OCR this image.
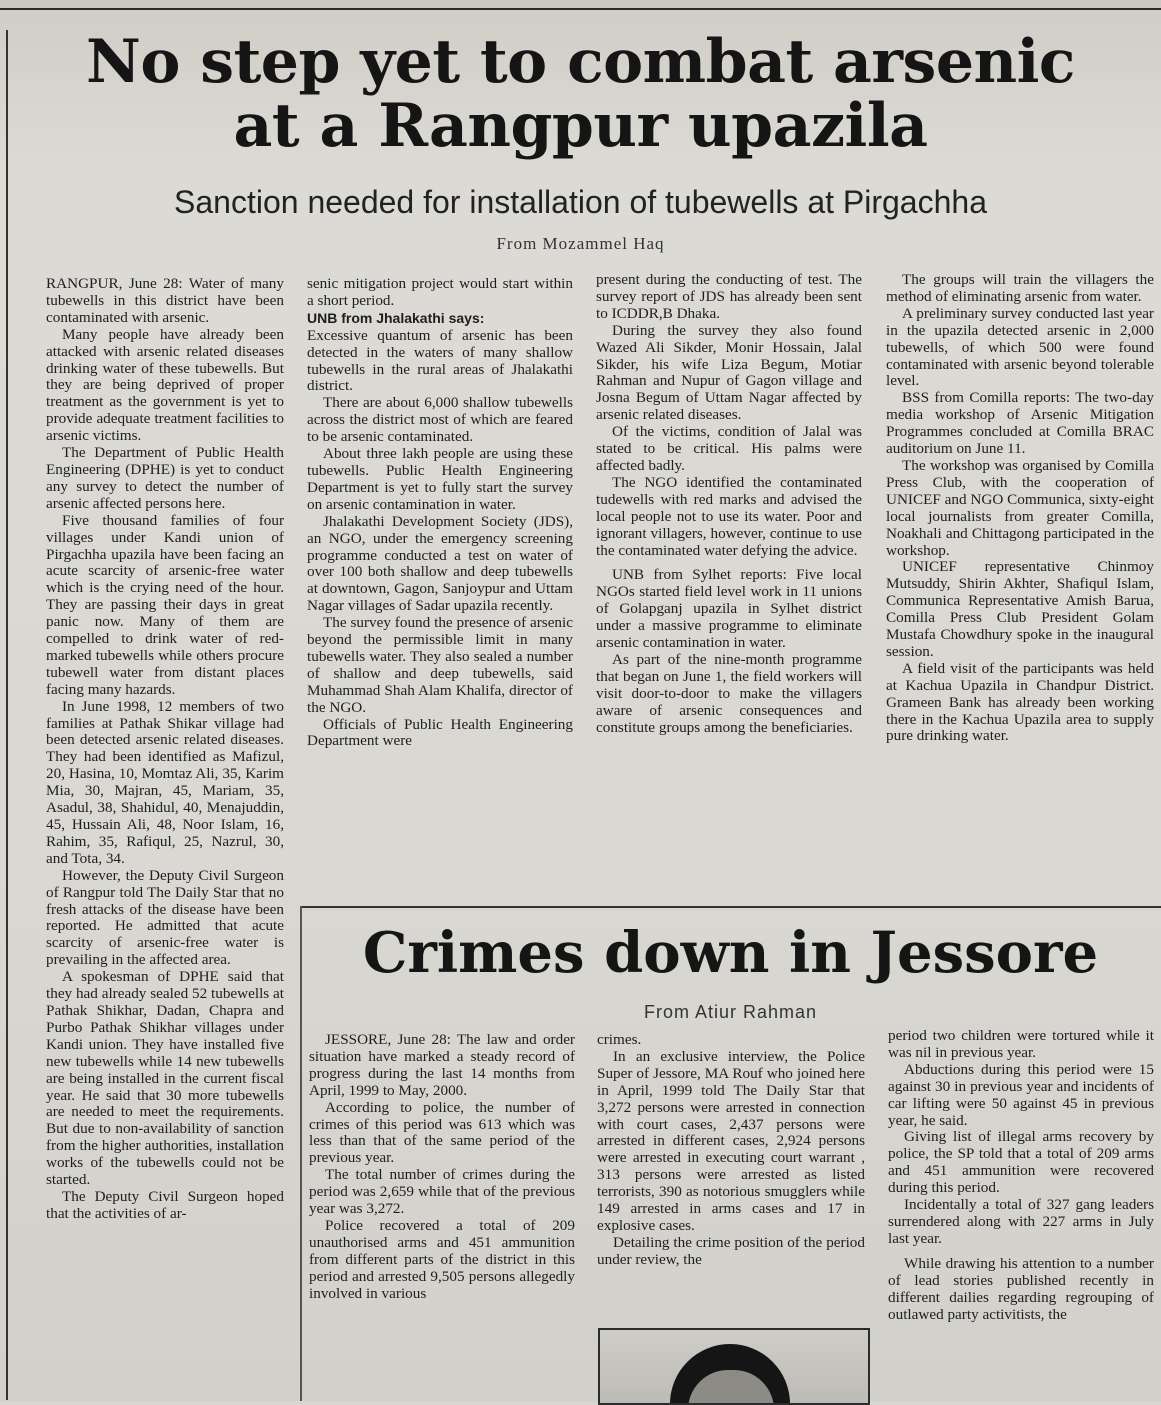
No step yet to combat arsenic
at a Rangpur upazila
Sanction needed for installation of tubewells at Pirgachha
From Mozammel Haq

RANGPUR, June 28: Water of many tubewells in this district have been contaminated with arsenic.

Many people have already been attacked with arsenic related diseases drinking water of these tubewells. But they are being deprived of proper treatment as the government is yet to provide adequate treatment facilities to arsenic victims.

The Department of Public Health Engineering (DPHE) is yet to conduct any survey to detect the number of arsenic affected persons here.

Five thousand families of four villages under Kandi union of Pirgachha upazila have been facing an acute scarcity of arsenic-free water which is the crying need of the hour. They are passing their days in great panic now. Many of them are compelled to drink water of red-marked tubewells while others procure tubewell water from distant places facing many hazards.

In June 1998, 12 members of two families at Pathak Shikar village had been detected arsenic related diseases. They had been identified as Mafizul, 20, Hasina, 10, Momtaz Ali, 35, Karim Mia, 30, Majran, 45, Mariam, 35, Asadul, 38, Shahidul, 40, Menajuddin, 45, Hussain Ali, 48, Noor Islam, 16, Rahim, 35, Rafiqul, 25, Nazrul, 30, and Tota, 34.

However, the Deputy Civil Surgeon of Rangpur told The Daily Star that no fresh attacks of the disease have been reported. He admitted that acute scarcity of arsenic-free water is prevailing in the affected area.

A spokesman of DPHE said that they had already sealed 52 tubewells at Pathak Shikhar, Dadan, Chapra and Purbo Pathak Shikhar villages under Kandi union. They have installed five new tubewells while 14 new tubewells are being installed in the current fiscal year. He said that 30 more tubewells are needed to meet the requirements. But due to non-availability of sanction from the higher authorities, installation works of the tubewells could not be started.

The Deputy Civil Surgeon hoped that the activities of ar-

senic mitigation project would start within a short period.

UNB from Jhalakathi says:

Excessive quantum of arsenic has been detected in the waters of many shallow tubewells in the rural areas of Jhalakathi district.

There are about 6,000 shallow tubewells across the district most of which are feared to be arsenic contaminated.

About three lakh people are using these tubewells. Public Health Engineering Department is yet to fully start the survey on arsenic contamination in water.

Jhalakathi Development Society (JDS), an NGO, under the emergency screening programme conducted a test on water of over 100 both shallow and deep tubewells at downtown, Gagon, Sanjoypur and Uttam Nagar villages of Sadar upazila recently.

The survey found the presence of arsenic beyond the permissible limit in many tubewells water. They also sealed a number of shallow and deep tubewells, said Muhammad Shah Alam Khalifa, director of the NGO.

Officials of Public Health Engineering Department were

present during the conducting of test. The survey report of JDS has already been sent to ICDDR,B Dhaka.

During the survey they also found Wazed Ali Sikder, Monir Hossain, Jalal Sikder, his wife Liza Begum, Motiar Rahman and Nupur of Gagon village and Josna Begum of Uttam Nagar affected by arsenic related diseases.

Of the victims, condition of Jalal was stated to be critical. His palms were affected badly.

The NGO identified the contaminated tudewells with red marks and advised the local people not to use its water. Poor and ignorant villagers, however, continue to use the contaminated water defying the advice.

UNB from Sylhet reports: Five local NGOs started field level work in 11 unions of Golapganj upazila in Sylhet district under a massive programme to eliminate arsenic contamination in water.

As part of the nine-month programme that began on June 1, the field workers will visit door-to-door to make the villagers aware of arsenic consequences and constitute groups among the beneficiaries.

The groups will train the villagers the method of eliminating arsenic from water.

A preliminary survey conducted last year in the upazila detected arsenic in 2,000 tubewells, of which 500 were found contaminated with arsenic beyond tolerable level.

BSS from Comilla reports: The two-day media workshop of Arsenic Mitigation Programmes concluded at Comilla BRAC auditorium on June 11.

The workshop was organised by Comilla Press Club, with the cooperation of UNICEF and NGO Communica, sixty-eight local journalists from greater Comilla, Noakhali and Chittagong participated in the workshop.

UNICEF representative Chinmoy Mutsuddy, Shirin Akhter, Shafiqul Islam, Communica Representative Amish Barua, Comilla Press Club President Golam Mustafa Chowdhury spoke in the inaugural session.

A field visit of the participants was held at Kachua Upazila in Chandpur District. Grameen Bank has already been working there in the Kachua Upazila area to supply pure drinking water.

Crimes down in Jessore
From Atiur Rahman

JESSORE, June 28: The law and order situation have marked a steady record of progress during the last 14 months from April, 1999 to May, 2000.

According to police, the number of crimes of this period was 613 which was less than that of the same period of the previous year.

The total number of crimes during the period was 2,659 while that of the previous year was 3,272.

Police recovered a total of 209 unauthorised arms and 451 ammunition from different parts of the district in this period and arrested 9,505 persons allegedly involved in various

crimes.

In an exclusive interview, the Police Super of Jessore, MA Rouf who joined here in April, 1999 told The Daily Star that 3,272 persons were arrested in connection with court cases, 2,437 persons were arrested in different cases, 2,924 persons were arrested in executing court warrant , 313 persons were arrested as listed terrorists, 390 as notorious smugglers while 149 arrested in arms cases and 17 in explosive cases.

Detailing the crime position of the period under review, the

period two children were tortured while it was nil in previous year.

Abductions during this period were 15 against 30 in previous year and incidents of car lifting were 50 against 45 in previous year, he said.

Giving list of illegal arms recovery by police, the SP told that a total of 209 arms and 451 ammunition were recovered during this period.

Incidentally a total of 327 gang leaders surrendered along with 227 arms in July last year.

While drawing his attention to a number of lead stories published recently in different dailies regarding regrouping of outlawed party activitists, the
